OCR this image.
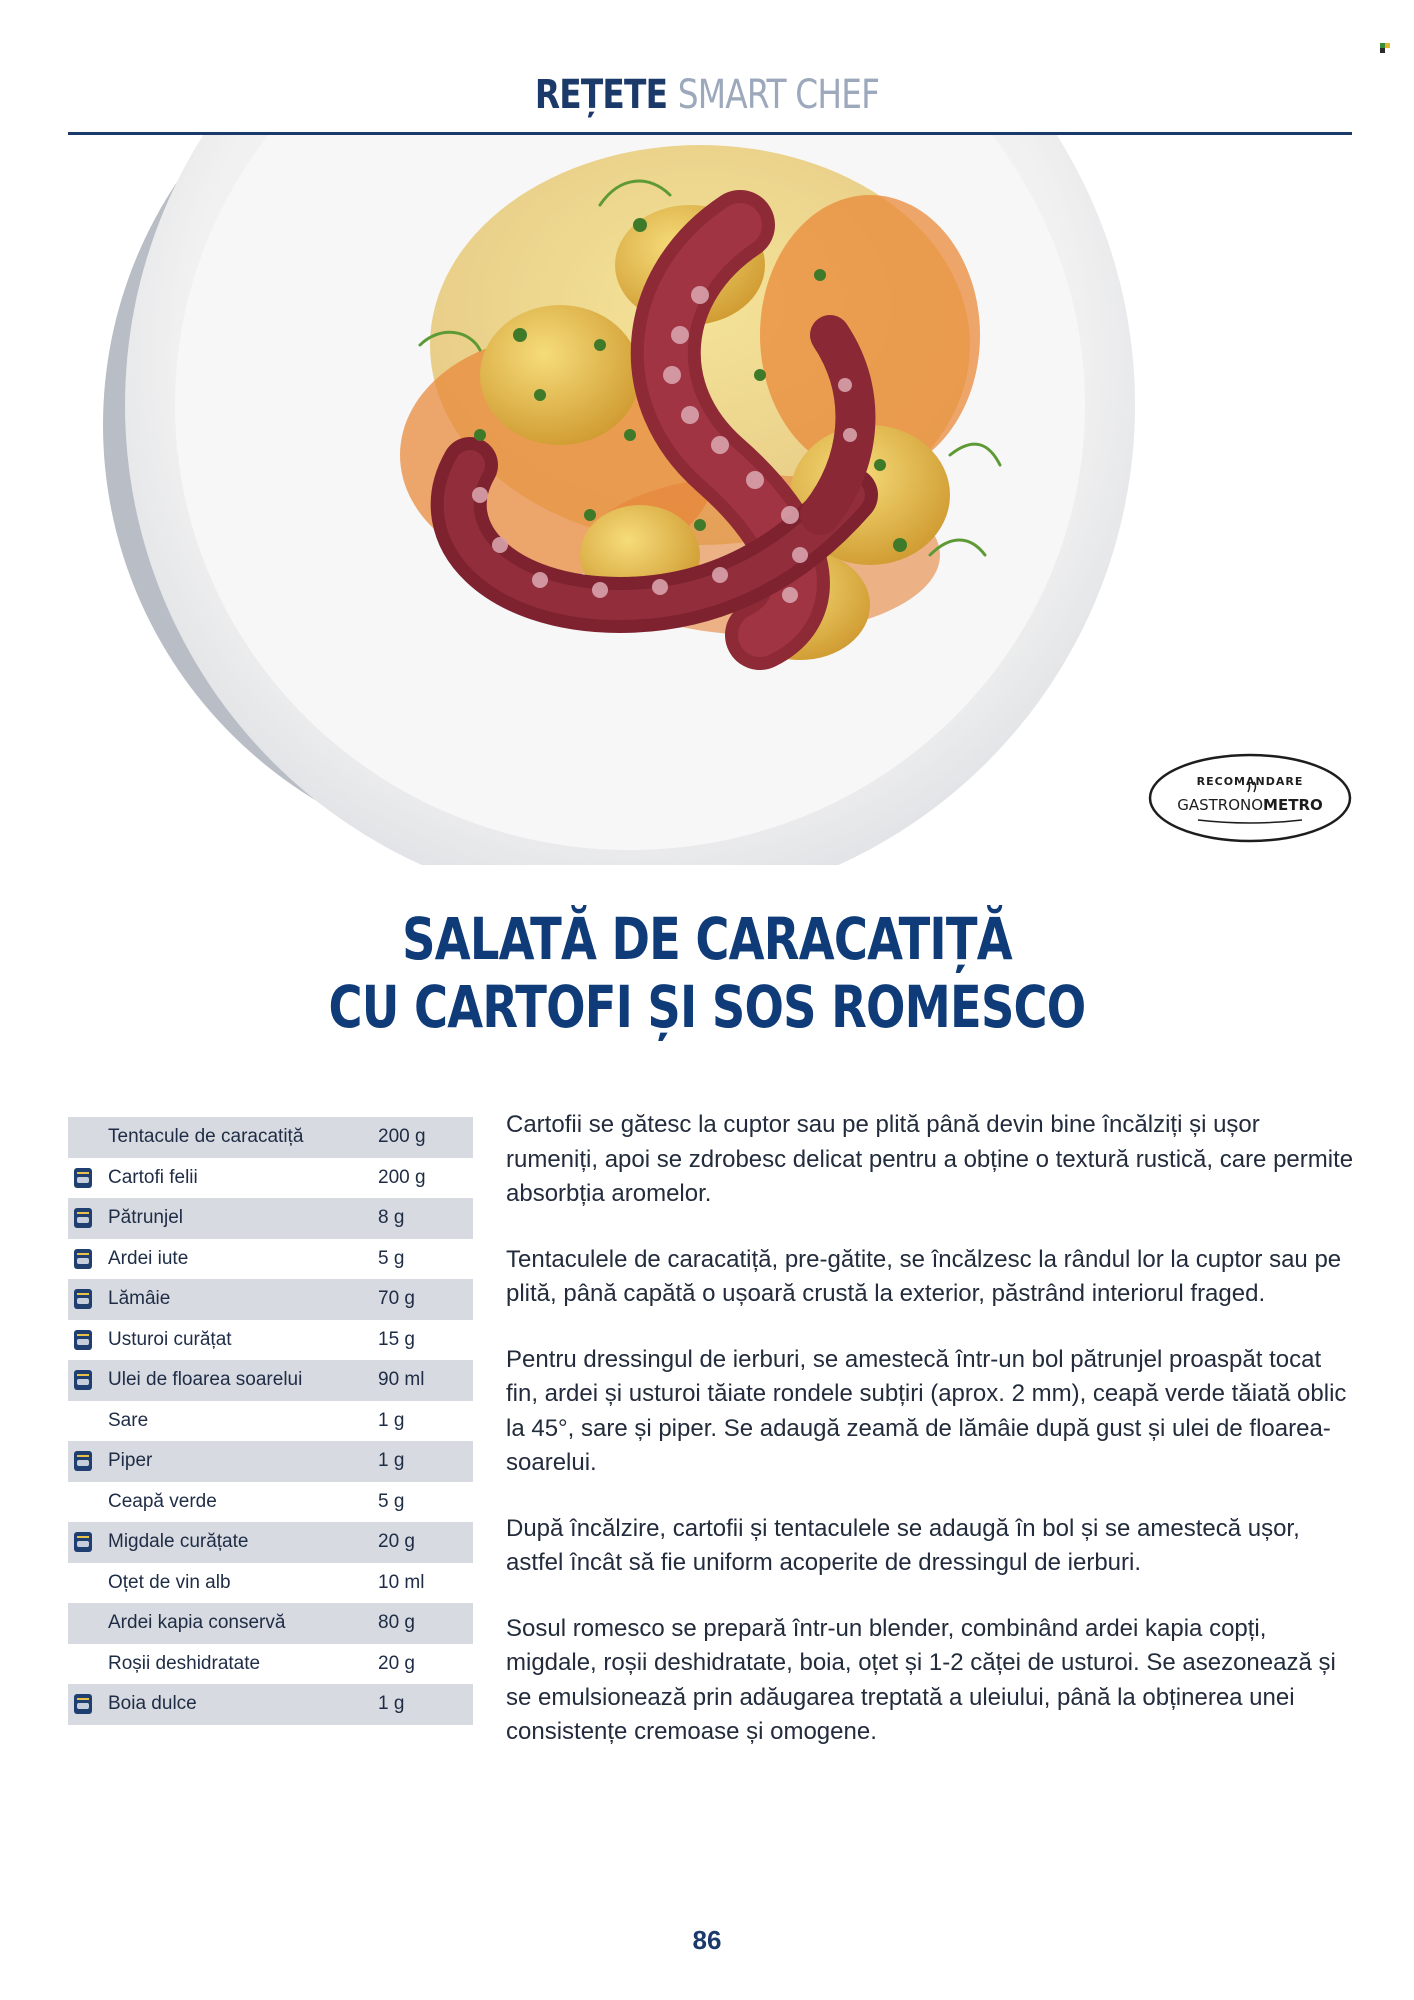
REȚETE SMART CHEF
RECOMANDARE
GASTRONOMETRO
SALATĂ DE CARACATIȚĂ
CU CARTOFI ȘI SOS ROMESCO
Tentacule de caracatiță	200 g
Cartofi felii	200 g
Pătrunjel	8 g
Ardei iute	5 g
Lămâie	70 g
Usturoi curățat	15 g
Ulei de floarea soarelui	90 ml
Sare	1 g
Piper	1 g
Ceapă verde	5 g
Migdale curățate	20 g
Oțet de vin alb	10 ml
Ardei kapia conservă	80 g
Roșii deshidratate	20 g
Boia dulce	1 g

Cartofii se gătesc la cuptor sau pe plită până devin bine încălziți și ușor rumeniți, apoi se zdrobesc delicat pentru a obține o textură rustică, care permite absorbția aromelor.

Tentaculele de caracatiță, pre-gătite, se încălzesc la rândul lor la cuptor sau pe plită, până capătă o ușoară crustă la exterior, păstrând interiorul fraged.

Pentru dressingul de ierburi, se amestecă într-un bol pătrunjel proaspăt tocat fin, ardei și usturoi tăiate rondele subțiri (aprox. 2 mm), ceapă verde tăiată oblic la 45°, sare și piper. Se adaugă zeamă de lămâie după gust și ulei de floarea-soarelui.

După încălzire, cartofii și tentaculele se adaugă în bol și se amestecă ușor, astfel încât să fie uniform acoperite de dressingul de ierburi.

Sosul romesco se prepară într-un blender, combinând ardei kapia copți, migdale, roșii deshidratate, boia, oțet și 1-2 căței de usturoi. Se asezonează și se emulsionează prin adăugarea treptată a uleiului, până la obținerea unei consistențe cremoase și omogene.

86
